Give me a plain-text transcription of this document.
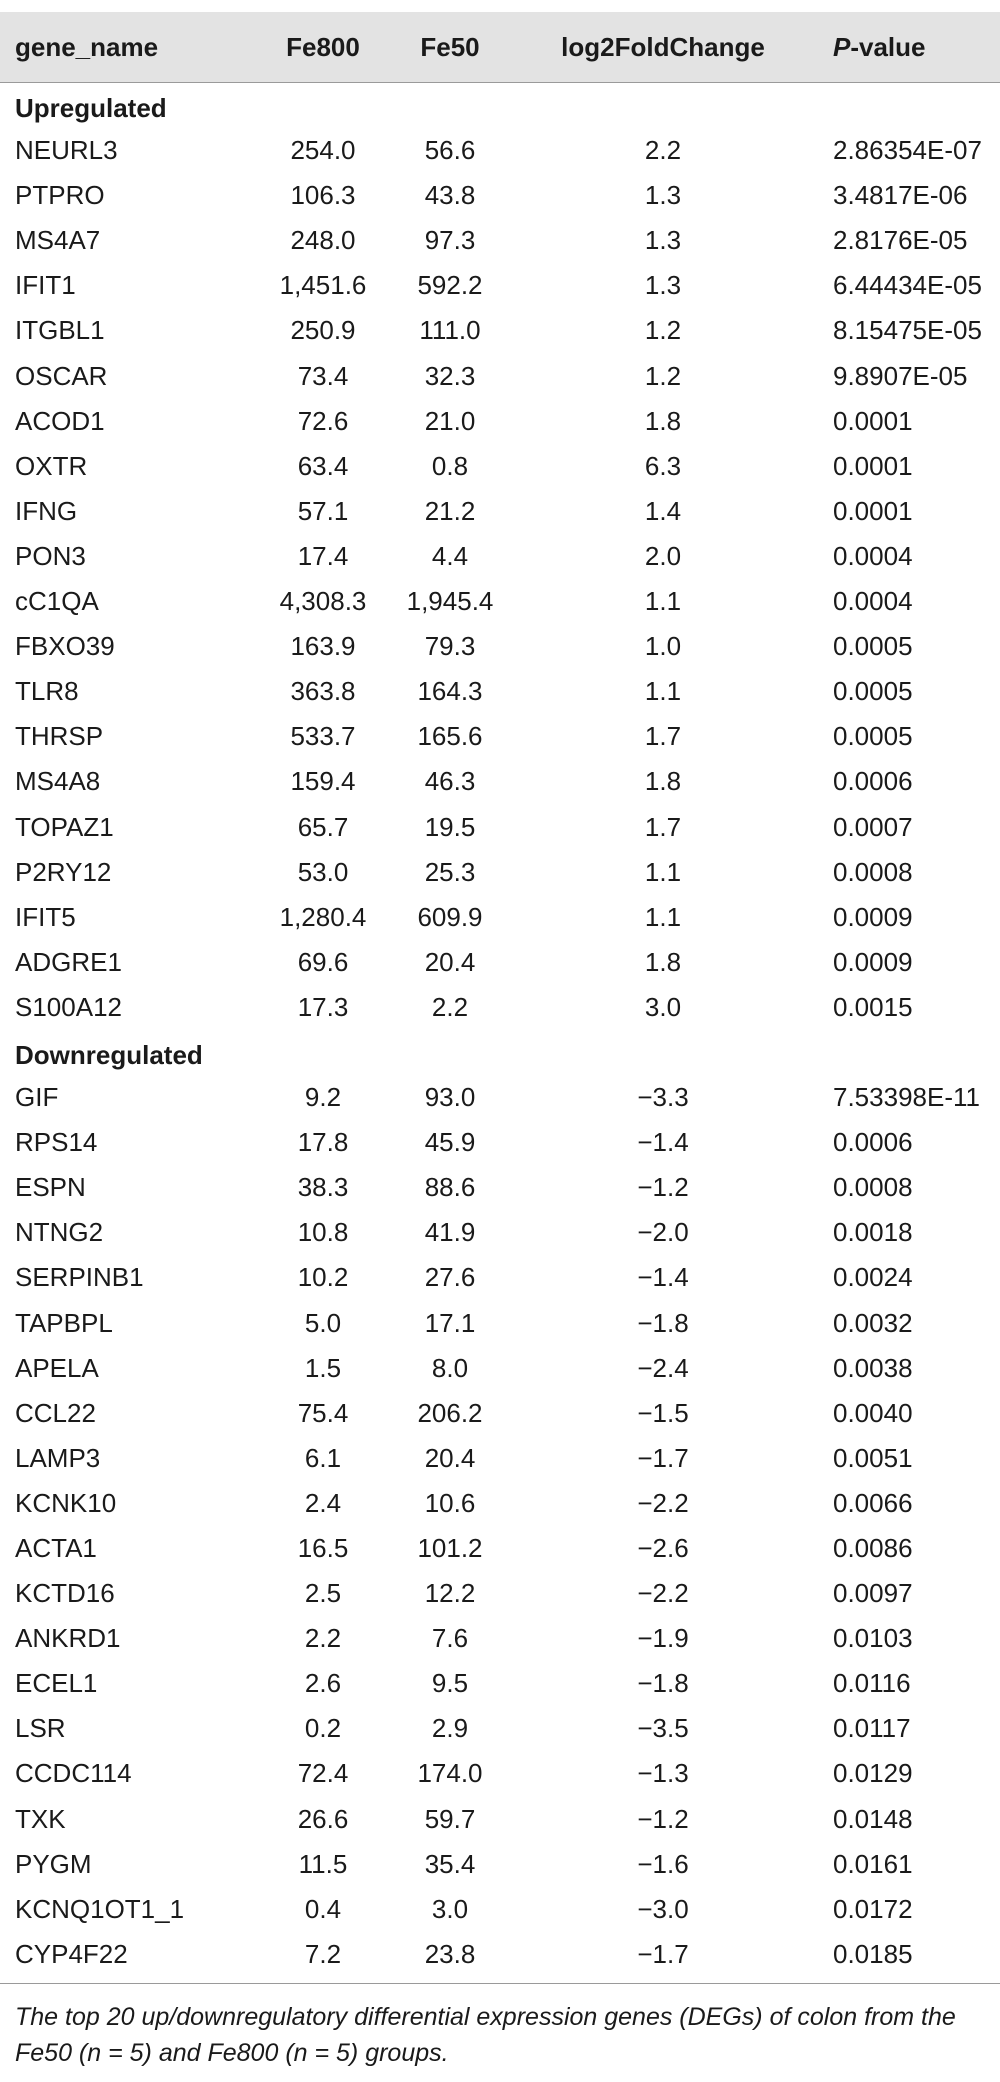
gene_name	Fe800	Fe50	log2FoldChange	P-value
Upregulated
NEURL3	254.0	56.6	2.2	2.86354E-07
PTPRO	106.3	43.8	1.3	3.4817E-06
MS4A7	248.0	97.3	1.3	2.8176E-05
IFIT1	1,451.6	592.2	1.3	6.44434E-05
ITGBL1	250.9	111.0	1.2	8.15475E-05
OSCAR	73.4	32.3	1.2	9.8907E-05
ACOD1	72.6	21.0	1.8	0.0001
OXTR	63.4	0.8	6.3	0.0001
IFNG	57.1	21.2	1.4	0.0001
PON3	17.4	4.4	2.0	0.0004
cC1QA	4,308.3	1,945.4	1.1	0.0004
FBXO39	163.9	79.3	1.0	0.0005
TLR8	363.8	164.3	1.1	0.0005
THRSP	533.7	165.6	1.7	0.0005
MS4A8	159.4	46.3	1.8	0.0006
TOPAZ1	65.7	19.5	1.7	0.0007
P2RY12	53.0	25.3	1.1	0.0008
IFIT5	1,280.4	609.9	1.1	0.0009
ADGRE1	69.6	20.4	1.8	0.0009
S100A12	17.3	2.2	3.0	0.0015
Downregulated
GIF	9.2	93.0	−3.3	7.53398E-11
RPS14	17.8	45.9	−1.4	0.0006
ESPN	38.3	88.6	−1.2	0.0008
NTNG2	10.8	41.9	−2.0	0.0018
SERPINB1	10.2	27.6	−1.4	0.0024
TAPBPL	5.0	17.1	−1.8	0.0032
APELA	1.5	8.0	−2.4	0.0038
CCL22	75.4	206.2	−1.5	0.0040
LAMP3	6.1	20.4	−1.7	0.0051
KCNK10	2.4	10.6	−2.2	0.0066
ACTA1	16.5	101.2	−2.6	0.0086
KCTD16	2.5	12.2	−2.2	0.0097
ANKRD1	2.2	7.6	−1.9	0.0103
ECEL1	2.6	9.5	−1.8	0.0116
LSR	0.2	2.9	−3.5	0.0117
CCDC114	72.4	174.0	−1.3	0.0129
TXK	26.6	59.7	−1.2	0.0148
PYGM	11.5	35.4	−1.6	0.0161
KCNQ1OT1_1	0.4	3.0	−3.0	0.0172
CYP4F22	7.2	23.8	−1.7	0.0185
The top 20 up/downregulatory differential expression genes (DEGs) of colon from the Fe50 (n = 5) and Fe800 (n = 5) groups.
